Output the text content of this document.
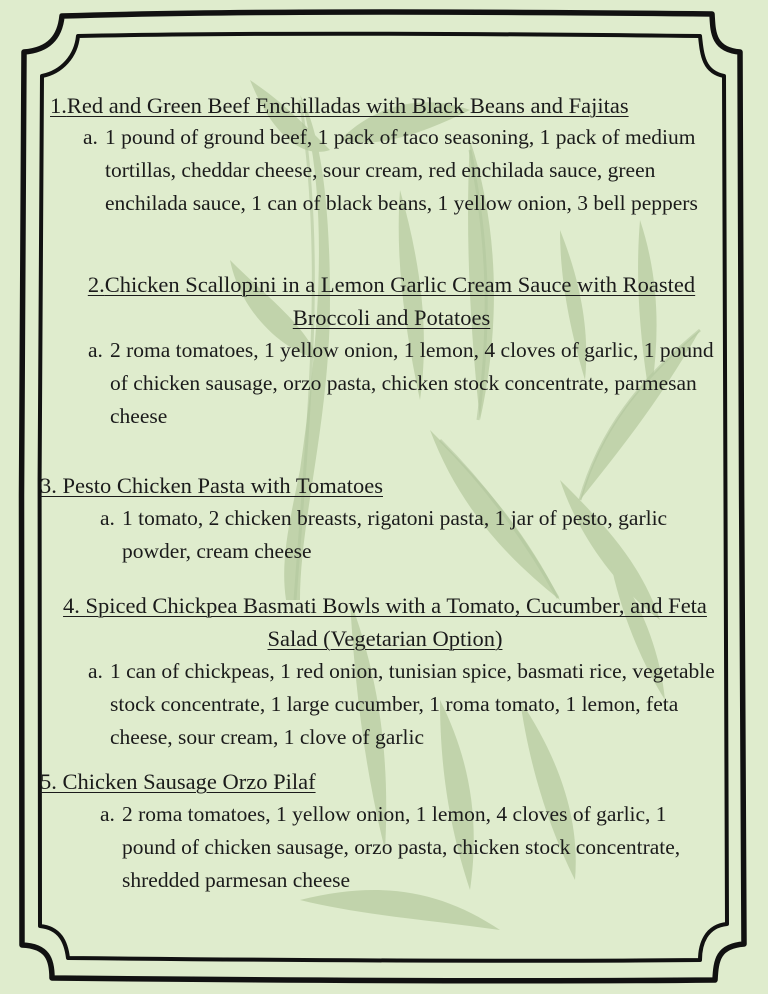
1.Red and Green Beef Enchilladas with Black Beans and Fajitas
a. 1 pound of ground beef, 1 pack of taco seasoning, 1 pack of medium tortillas, cheddar cheese, sour cream, red enchilada sauce, green enchilada sauce, 1 can of black beans, 1 yellow onion, 3 bell peppers
2.Chicken Scallopini in a Lemon Garlic Cream Sauce with Roasted Broccoli and Potatoes
a. 2 roma tomatoes, 1 yellow onion, 1 lemon, 4 cloves of garlic, 1 pound of chicken sausage, orzo pasta, chicken stock concentrate, parmesan cheese
3. Pesto Chicken Pasta with Tomatoes
a. 1 tomato, 2 chicken breasts, rigatoni pasta, 1 jar of pesto, garlic powder, cream cheese
4. Spiced Chickpea Basmati Bowls with a Tomato, Cucumber, and Feta Salad (Vegetarian Option)
a. 1 can of chickpeas, 1 red onion, tunisian spice, basmati rice, vegetable stock concentrate, 1 large cucumber, 1 roma tomato, 1 lemon, feta cheese, sour cream, 1 clove of garlic
5. Chicken Sausage Orzo Pilaf
a. 2 roma tomatoes, 1 yellow onion, 1 lemon, 4 cloves of garlic, 1 pound of chicken sausage, orzo pasta, chicken stock concentrate, shredded parmesan cheese
